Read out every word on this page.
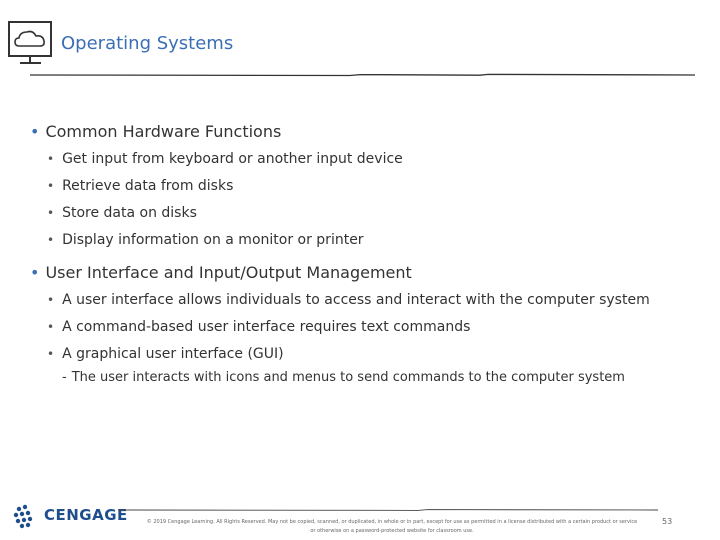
Operating Systems
• Common Hardware Functions
• Get input from keyboard or another input device
• Retrieve data from disks
• Store data on disks
• Display information on a monitor or printer
• User Interface and Input/Output Management
• A user interface allows individuals to access and interact with the computer system
• A command-based user interface requires text commands
• A graphical user interface (GUI)
- The user interacts with icons and menus to send commands to the computer system
CENGAGE	© 2019 Cengage Learning. All Rights Reserved. May not be copied, scanned, or duplicated, in whole or in part, except for use as permitted in a license distributed with a certain product or service
or otherwise on a password-protected website for classroom use.
53
